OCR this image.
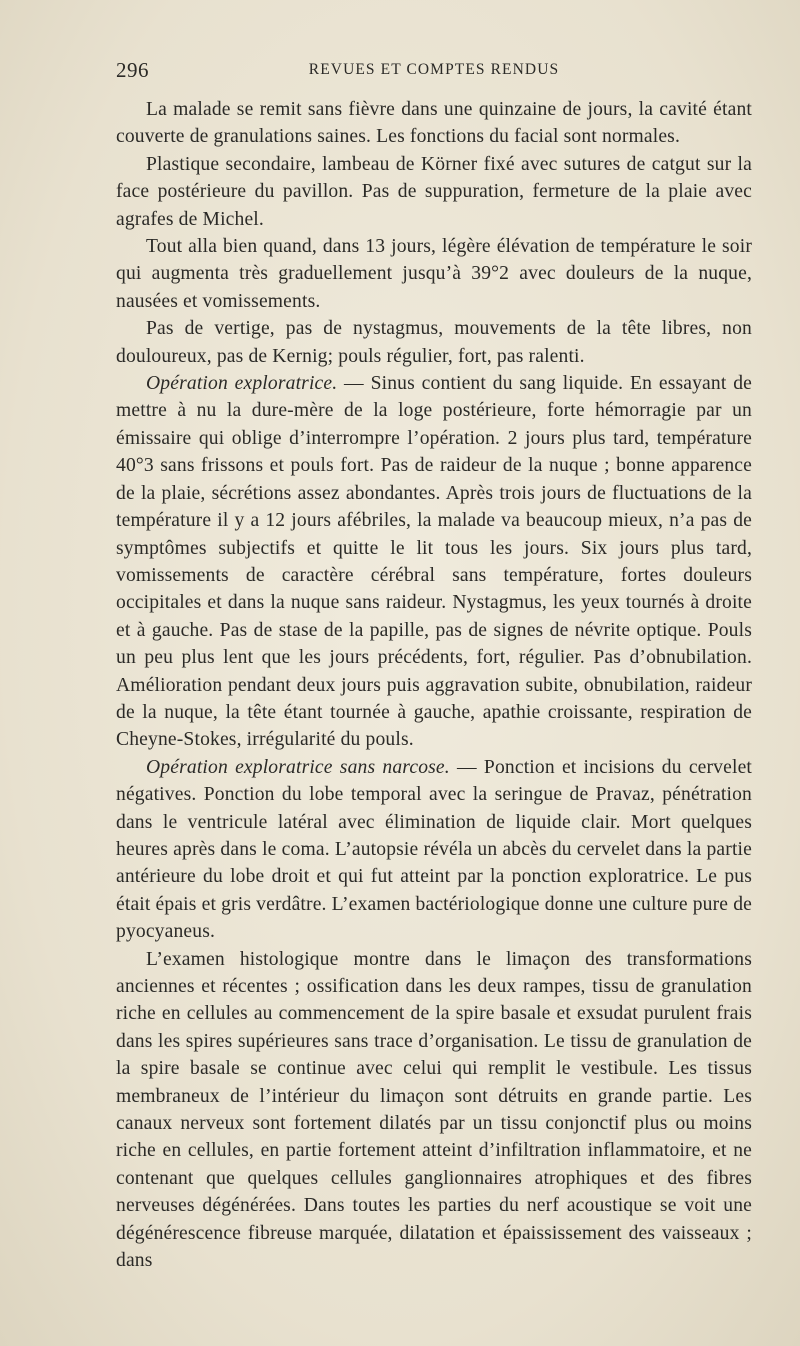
296	REVUES ET COMPTES RENDUS

La malade se remit sans fièvre dans une quinzaine de jours, la cavité étant couverte de granulations saines. Les fonctions du facial sont normales.

Plastique secondaire, lambeau de Körner fixé avec sutures de catgut sur la face postérieure du pavillon. Pas de suppuration, fermeture de la plaie avec agrafes de Michel.

Tout alla bien quand, dans 13 jours, légère élévation de température le soir qui augmenta très graduellement jusqu’à 39°2 avec douleurs de la nuque, nausées et vomissements.

Pas de vertige, pas de nystagmus, mouvements de la tête libres, non douloureux, pas de Kernig; pouls régulier, fort, pas ralenti.

Opération exploratrice. — Sinus contient du sang liquide. En essayant de mettre à nu la dure-mère de la loge postérieure, forte hémorragie par un émissaire qui oblige d’interrompre l’opération. 2 jours plus tard, température 40°3 sans frissons et pouls fort. Pas de raideur de la nuque ; bonne apparence de la plaie, sécrétions assez abondantes. Après trois jours de fluctuations de la température il y a 12 jours afébriles, la malade va beaucoup mieux, n’a pas de symptômes subjectifs et quitte le lit tous les jours. Six jours plus tard, vomissements de caractère cérébral sans température, fortes douleurs occipitales et dans la nuque sans raideur. Nystagmus, les yeux tournés à droite et à gauche. Pas de stase de la papille, pas de signes de névrite optique. Pouls un peu plus lent que les jours précédents, fort, régulier. Pas d’obnubilation. Amélioration pendant deux jours puis aggravation subite, obnubilation, raideur de la nuque, la tête étant tournée à gauche, apathie croissante, respiration de Cheyne-Stokes, irrégularité du pouls.

Opération exploratrice sans narcose. — Ponction et incisions du cervelet négatives. Ponction du lobe temporal avec la seringue de Pravaz, pénétration dans le ventricule latéral avec élimination de liquide clair. Mort quelques heures après dans le coma. L’autopsie révéla un abcès du cervelet dans la partie antérieure du lobe droit et qui fut atteint par la ponction exploratrice. Le pus était épais et gris verdâtre. L’examen bactériologique donne une culture pure de pyocyaneus.

L’examen histologique montre dans le limaçon des transformations anciennes et récentes ; ossification dans les deux rampes, tissu de granulation riche en cellules au commencement de la spire basale et exsudat purulent frais dans les spires supérieures sans trace d’organisation. Le tissu de granulation de la spire basale se continue avec celui qui remplit le vestibule. Les tissus membraneux de l’intérieur du limaçon sont détruits en grande partie. Les canaux nerveux sont fortement dilatés par un tissu conjonctif plus ou moins riche en cellules, en partie fortement atteint d’infiltration inflammatoire, et ne contenant que quelques cellules ganglionnaires atrophiques et des fibres nerveuses dégénérées. Dans toutes les parties du nerf acoustique se voit une dégénérescence fibreuse marquée, dilatation et épaississement des vaisseaux ; dans
